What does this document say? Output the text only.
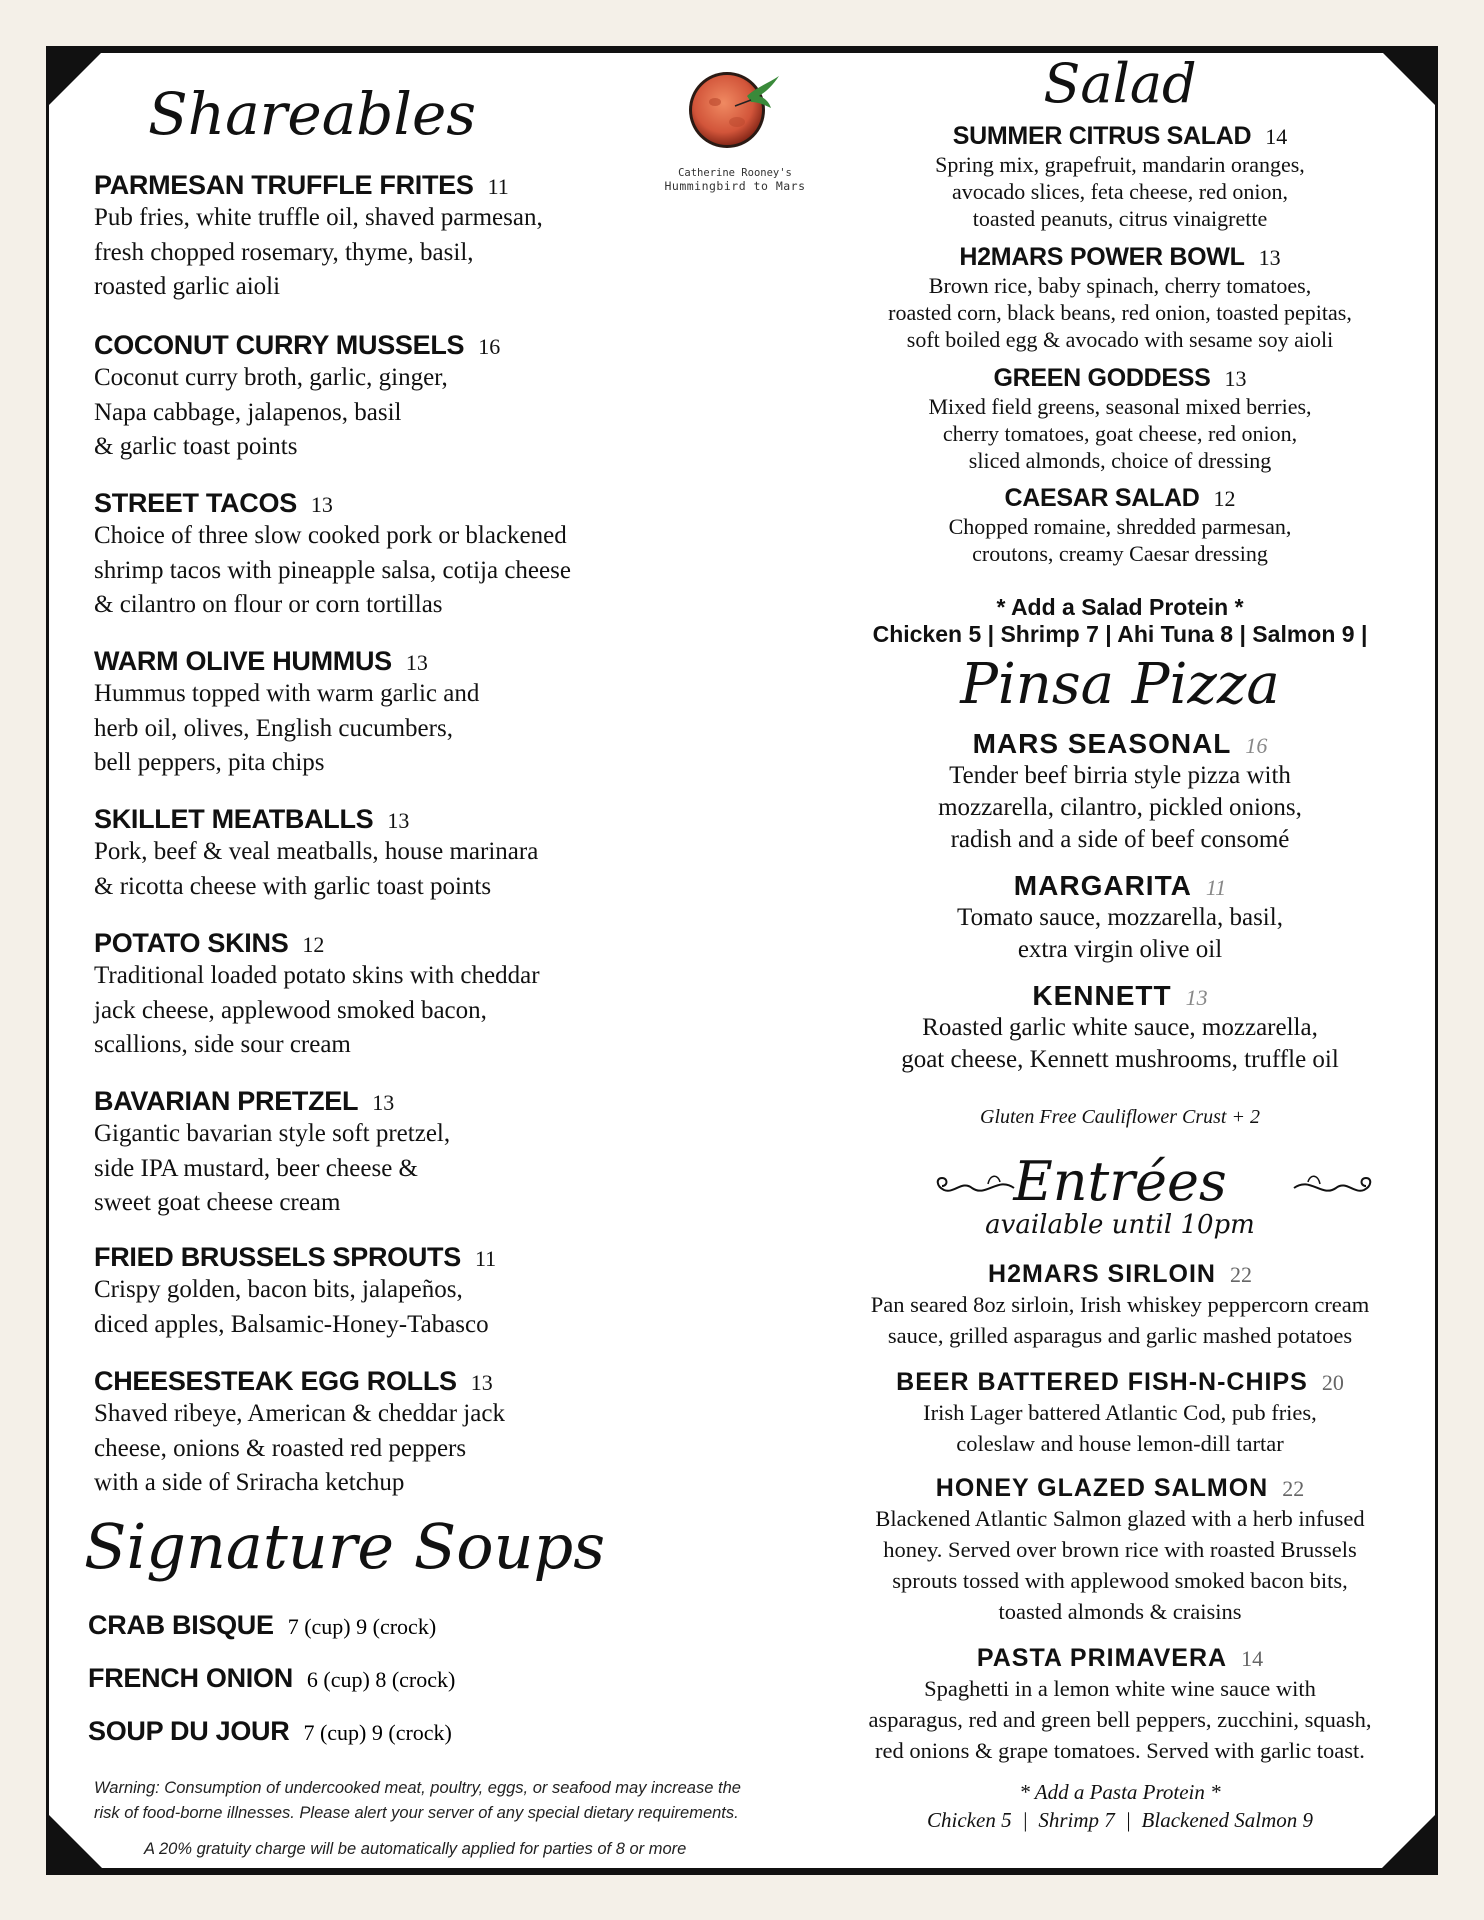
Catherine Rooney's
Hummingbird to Mars
Shareables
PARMESAN TRUFFLE FRITES 11
Pub fries, white truffle oil, shaved parmesan,
fresh chopped rosemary, thyme, basil,
roasted garlic aioli
COCONUT CURRY MUSSELS 16
Coconut curry broth, garlic, ginger,
Napa cabbage, jalapenos, basil
& garlic toast points
STREET TACOS 13
Choice of three slow cooked pork or blackened
shrimp tacos with pineapple salsa, cotija cheese
& cilantro on flour or corn tortillas
WARM OLIVE HUMMUS 13
Hummus topped with warm garlic and
herb oil, olives, English cucumbers,
bell peppers, pita chips
SKILLET MEATBALLS 13
Pork, beef & veal meatballs, house marinara
& ricotta cheese with garlic toast points
POTATO SKINS 12
Traditional loaded potato skins with cheddar
jack cheese, applewood smoked bacon,
scallions, side sour cream
BAVARIAN PRETZEL 13
Gigantic bavarian style soft pretzel,
side IPA mustard, beer cheese &
sweet goat cheese cream
FRIED BRUSSELS SPROUTS 11
Crispy golden, bacon bits, jalapeños,
diced apples, Balsamic-Honey-Tabasco
CHEESESTEAK EGG ROLLS 13
Shaved ribeye, American & cheddar jack
cheese, onions & roasted red peppers
with a side of Sriracha ketchup
Signature Soups
CRAB BISQUE 7 (cup) 9 (crock)
FRENCH ONION 6 (cup) 8 (crock)
SOUP DU JOUR 7 (cup) 9 (crock)
Warning: Consumption of undercooked meat, poultry, eggs, or seafood may increase the
risk of food-borne illnesses. Please alert your server of any special dietary requirements.
A 20% gratuity charge will be automatically applied for parties of 8 or more
Salad
SUMMER CITRUS SALAD 14
Spring mix, grapefruit, mandarin oranges,
avocado slices, feta cheese, red onion,
toasted peanuts, citrus vinaigrette
H2MARS POWER BOWL 13
Brown rice, baby spinach, cherry tomatoes,
roasted corn, black beans, red onion, toasted pepitas,
soft boiled egg & avocado with sesame soy aioli
GREEN GODDESS 13
Mixed field greens, seasonal mixed berries,
cherry tomatoes, goat cheese, red onion,
sliced almonds, choice of dressing
CAESAR SALAD 12
Chopped romaine, shredded parmesan,
croutons, creamy Caesar dressing
* Add a Salad Protein *
Chicken 5 | Shrimp 7 | Ahi Tuna 8 | Salmon 9 |
Pinsa Pizza
MARS SEASONAL 16
Tender beef birria style pizza with
mozzarella, cilantro, pickled onions,
radish and a side of beef consomé
MARGARITA 11
Tomato sauce, mozzarella, basil,
extra virgin olive oil
KENNETT 13
Roasted garlic white sauce, mozzarella,
goat cheese, Kennett mushrooms, truffle oil
Gluten Free Cauliflower Crust + 2
Entrées
available until 10pm
H2MARS SIRLOIN 22
Pan seared 8oz sirloin, Irish whiskey peppercorn cream
sauce, grilled asparagus and garlic mashed potatoes
BEER BATTERED FISH-N-CHIPS 20
Irish Lager battered Atlantic Cod, pub fries,
coleslaw and house lemon-dill tartar
HONEY GLAZED SALMON 22
Blackened Atlantic Salmon glazed with a herb infused
honey. Served over brown rice with roasted Brussels
sprouts tossed with applewood smoked bacon bits,
toasted almonds & craisins
PASTA PRIMAVERA 14
Spaghetti in a lemon white wine sauce with
asparagus, red and green bell peppers, zucchini, squash,
red onions & grape tomatoes. Served with garlic toast.
* Add a Pasta Protein *
Chicken 5  |  Shrimp 7  |  Blackened Salmon 9
